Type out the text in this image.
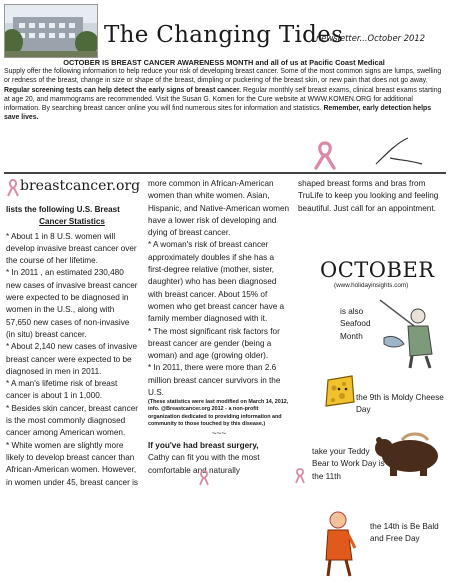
The Changing Tides
newsletter...October 2012
OCTOBER IS BREAST CANCER AWARENESS MONTH and all of us at Pacific Coast Medical
Supply offer the following information to help reduce your risk of developing breast cancer. Some of the most common signs are lumps, swelling or redness of the breast, change in size or shape of the breast, dimpling or puckering of the breast skin, or new pain that does not go away. Regular screening tests can help detect the early signs of breast cancer. Regular monthly self breast exams, clinical breast exams starting at age 20, and mammograms are recommended. Visit the Susan G. Komen for the Cure website at WWW.KOMEN.ORG for additional information. By searching breast cancer online you will find numerous sites for information and statistics. Remember, early detection helps save lives.
breastcancer.org
lists the following U.S. Breast
Cancer Statistics
* About 1 in 8 U.S. women will develop invasive breast cancer over the course of her lifetime.
* In 2011 , an estimated 230,480 new cases of invasive breast cancer were expected to be diagnosed in women in the U.S., along with 57,650 new cases of non-invasive (in situ) breast cancer.
* About 2,140 new cases of invasive breast cancer were expected to be diagnosed in men in 2011.
* A man's lifetime risk of breast cancer is about 1 in 1,000.
* Besides skin cancer, breast cancer is the most commonly diagnosed cancer among American women.
* White women are slightly more likely to develop breast cancer than African-American women. However, in women under 45, breast cancer is
more common in African-American women than white women. Asian, Hispanic, and Native-American women have a lower risk of developing and dying of breast cancer.
* A woman's risk of breast cancer approximately doubles if she has a first-degree relative (mother, sister, daughter) who has been diagnosed with breast cancer. About 15% of women who get breast cancer have a family member diagnosed with it.
* The most significant risk factors for breast cancer are gender (being a woman) and age (growing older).
* In 2011, there were more than 2.6 million breast cancer survivors in the U.S.
(These statistics were last modified on March 14, 2012, info. @Breastcancer.org 2012 - a non-profit organization dedicated to providing information and community to those touched by this disease.)
~~~
If you've had breast surgery,
Cathy can fit you with the most comfortable and naturally
shaped breast forms and bras from TruLife to keep you looking and feeling beautiful. Just call for an appointment.
OCTOBER
(www.holidayinsights.com)
is also Seafood Month
the 9th is Moldy Cheese Day
take your Teddy Bear to Work Day is the 11th
the 14th is Be Bald and Free Day
